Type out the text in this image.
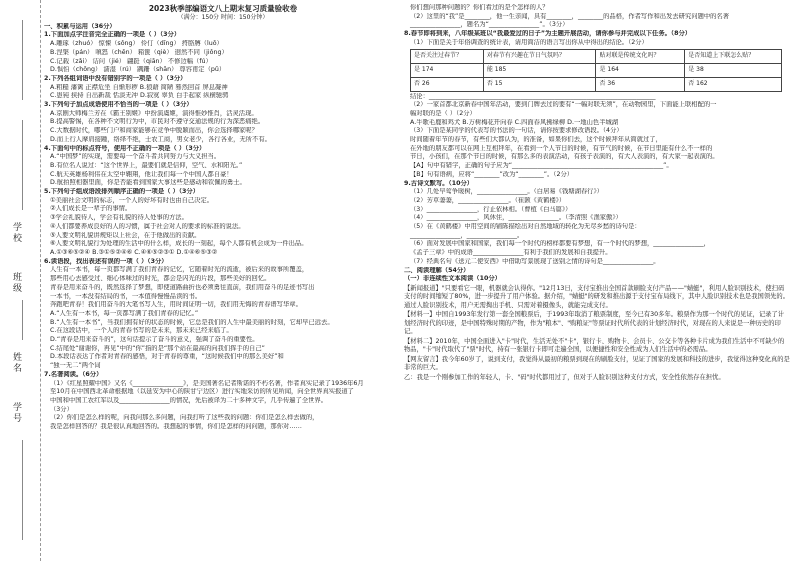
学校
班级
姓名
学号
2023秋季部编语文八上期末复习质量验收卷
（满分：150分 时间：150分钟）
一、积累与运用（36分）
1.下面加点字注音完全正确的一项是（ ）（3分）
A.雕琢（zhuó） 惊悚（sǒng） 伶仃（dīng） 捋胳膊（luō）
B.涅槃（pán） 嗔怒（chēn） 箱箧（qiè） 迥然不同（jiǒng）
C.记载（zǎi） 诘问（jié） 翩跹（qiān） 不修边幅（fú）
D.惧怕（chōng） 濡湿（rú） 蹒跚（shān） 尊容甫定（pǔ）
2.下列各组词语中没有错别字的一项是（ ）（3分）
A.粗糙 藩篱 正襟危坐 自惭形秽 B.狼藉 简陋 蓦然回首 屏息凝神
C.愚钝 挟持 自出新裁 恬淡无冲 D.寂寞 辜负 白手起家 纵横驰骋
3.下列句子加点成语使用不恰当的一项是（ ）（3分）
A.京剧大师梅兰芳在《霸王别姬》中扮演虞姬，演得惟妙惟肖，活灵活现。
B.提高警惕，在各种不文明行为中，市民对不遵守交通法规的行为深恶痛绝。
C.大数据时代，哪些门户和商家能够在竞争中脱颖而出，你会选择哪家呢？
D.而上行人摩肩接踵，络绎不绝，士农工商，男女老少，各行各业，无所不有。
4.下面句中的标点符号，使用不正确的一项是（ ）（3分）
A.“中国梦”的实现，需要每一个奋斗者共同努力与大义担当。
B.有位名人说过：“这个世界上，最要们就是信仰，空气、水和阳光。”
C.航天英雄杨利伟在太空中翱翔，他让我们每一个中国人都自豪！
D.航拍照相器里面，你是否能看到国家大事这些是感动和钦佩的勇士。
5.下列句子组成语段排列顺序正确的一项是（ ）（3分）
①美丽社会文明的标志，一个人的好坏有时也由自己决定。
②人们成长是一辈子的事情。
③学会礼貌待人，学会有礼貌的待人处事的方法。
④人们都要养成良好的人的习惯，属于社会对人的要求的标准的说法。
⑤人要文明礼貌讲规矩以上社会，在于他做出的贡献。
⑥人要文明礼貌行为处理的生活中的什么样，成长的一刻起，每个人都有机会成为一件出品。
A.①③⑥⑤②④ B.③①⑤②④⑥ C.④⑥⑤②③① D.①④⑥⑤③②
6.读语段，找出表述有误的一项（ ）（3分）
人生有一本书，每一页都写满了我们青春的记忆，它随着时光的流逝，被后来的故事所覆盖，
那些用心去感受过、细心体味过的时光，都会是闪光的片段，那些美好的回忆。
青春是用来奋斗的，既然选择了梦想，即使道路曲折也必须勇往直前，我们用奋斗的足迹书写出
一本书，一本没有结局的书，一本值得慢慢品读的书。
奔跑吧青春！我们用奋斗的大笔书写人生，用时间证明一切，我们用无悔的青春谱写华章。
A.“人生有一本书，每一页都写满了我们青春的记忆。”
B.“人生有一本书”，当我们拥有好的状态的时候，它总是我们的人生中最美丽的时刻，它却早已远去。
C.在这段话中，一个人的青春书写的是未来，那未来已经来临了。
D.“青春是用来奋斗的”，这句话提示了奋斗的意义，强调了奋斗的重要性。
C.结尾处“谢谢你，再见”中的“你”指的是“那个站在最高的向我们挥手的自己”
D.本段话表达了作者对青春的感悟，对于青春的尊重，“这时候我们中的那么美好”和
“独一无二”两个词
7.名著阅读。（6分）
（1）《红星照耀中国》又名《________________》，是美国著名记者斯诺的不朽名著，作者真实记录了1936年6月
至10月在中国西北革命根据地（以延安为中心的陕甘宁边区）进行实地采访的所见所闻，向全世界真实报道了
中国和中国工农红军以及________________的情况，先后被译为二十多种文字，几乎传遍了全世界。
（3分）
（2）你们是怎么样的呢，向我问那么多问题，向我打听了这些我的问题：你们是怎么样去做的，
我是怎样回答的？我是很认真地回答的。我想起的事情，你们是怎样的问问题，那你对……
你们想问那种问题的？你们看过的是个怎样的人？
（2）这里的“我”是________，他一生亲闻，具有________，________的品格，作者写作和出发去研究问题中的名著
________________，题名为“________________”。（3分）
8.春节即将到来，八年级某班以“我最爱过的日子”为主题开展活动，请你参与并完成以下任务。（8分）
（1）下面是关于年俗调查的统计表，请用简洁的语言写出你从中得出的结论。（2分）
是否关注过春节？	对春节有兴趣在节日气氛吗？	贴对联是传统文化吗？	是否知道上下联怎么贴？
是 174	能 185	是 164	是 38
否 26	否 15	否 36	否 162
结论：________________________________________________________________________
（2）一家首都北京新春中国年活动，要到门牌去过的要有“一幅对联无须”，在动物园里，下面能上联相配的一
幅对联的是（ ）（2分）
A.牛歌毛鹿和鸡犬 B.万树梅花开向春 C.四面春风拂绿柳 D.一地山色半城湖
（3）下面是某同学的代表写的书法的一句话，请你按要求修改语段。（4分）
时间随着年节的春节，有些们大都认为，的准备，如果你们去，这个时候拜年从简就过了，
在外地的朋友都可以在网上互相拜年，在看到一个人节日的时候，有节气的时候，在节日里能有什么不一样的
节日，小孩们，在那个节日的时候，有那么多的表演活动，有孩子表演的，有大人表演的，有大家一起表演的。
【A】句中有错字，正确的句子应为“________________________________________________”。
【B】句有语病，应将“________”改为“________”。（2分）
9.古诗文默写。（10分）
（1）几处早莺争暖树，________________。（白居易《钱塘湖春行》）
（2）芳草萋萋，________________。（崔颢《黄鹤楼》）
（3）________________，行止依林相。（曹植《白马篇》）
（4）________________，风休住，________________。（李清照《渔家傲》）
（5）在《黄鹤楼》中用空间的铺陈描绘出对自然地域的转化为无尽乡愁的诗句是：
________________，________________。
（6）面对发展中国家和国家，我们每一个时代的榜样都要有梦想，有一个时代的梦想，________________，
《孟子三章》中的成语________________有利于我们的发展和自我提升。
（7）经典名句《送元二使安西》中借助写景展现了送别之情的诗句是________________。
二、阅读理解（54分）
（一）非连续性文本阅读（10分）
【新闻报道】"只要看它一眼，机器就会认得你。"12月13日，支付宝推出全国首款刷脸支付产品——"蜻蜓"，利用人脸识别技术，使扫码支付的时间缩短了80%，进一步提升了用户体验。据介绍，"蜻蜓"的研发和推出源于支付宝布局线下，其中人脸识别技术也是我国领先的。通过人脸识别技术，用户无需掏出手机、只需对着摄像头，就能完成支付。
【材料一】中国自1993年发行第一套全国粮票后，于1993年取消了粮票制度，至今已有30多年。粮票作为那一个时代的见证，记录了计划经济时代的印迹，是中国特殊时期的产物，作为"粮本"、"购粮证"等票证时代所代表的计划经济时代，对现在的人来说是一种历史的印记。
【材料二】2010年，中国全面进入"卡"时代，生活无处不"卡"，银行卡、购物卡、会员卡、公交卡等各种卡片成为我们生活中不可缺少的物品，"卡"时代取代了"票"时代，持有一张银行卡即可走遍全国，以便捷性和安全性成为人们生活中的必需品。
【网友留言】我今年60岁了，说到支付，我觉得从最初的粮票到现在的刷脸支付，见证了国家的发展和科技的进步，我觉得这种变化真的是非常的巨大。
乙：我是一个刚参加工作的年轻人，卡、"码"时代都用过了，但对于人脸识别这种支付方式，安全性依然存在担忧。
